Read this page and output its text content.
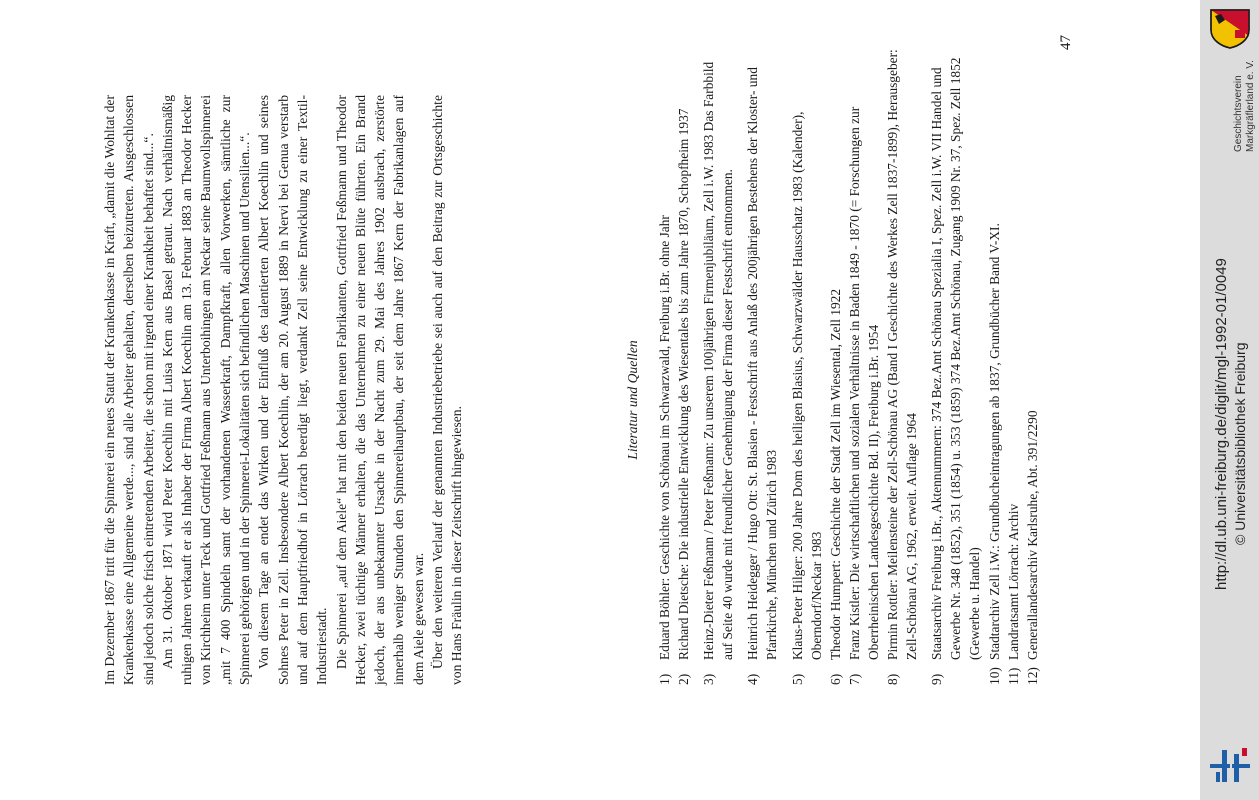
Im Dezember 1867 tritt für die Spinnerei ein neues Statut der Krankenkasse in Kraft, „damit die Wohltat der Krankenkasse eine Allgemeine werde..., sind alle Arbeiter gehalten, derselben beizutreten. Ausgeschlossen sind jedoch solche frisch eintretenden Arbeiter, die schon mit irgend einer Krankheit behaftet sind...“. Am 31. Oktober 1871 wird Peter Koechlin mit Luisa Kern aus Basel getraut. Nach verhältnismäßig ruhigen Jahren verkauft er als Inhaber der Firma Albert Koechlin am 13. Februar 1883 an Theodor Hecker von Kirchheim unter Teck und Gottfried Feßmann aus Unterboihingen am Neckar seine Baumwollspinnerei „mit 7 400 Spindeln samt der vorhandenen Wasserkraft, Dampfkraft, allen Vorwerken, sämtliche zur Spinnerei gehörigen und in der Spinnerei-Lokalitäten sich befindlichen Maschinen und Utensilien...“. Von diesem Tage an endet das Wirken und der Einfluß des talentierten Albert Koechlin und seines Sohnes Peter in Zell. Insbesondere Albert Koechlin, der am 20. August 1889 in Nervi bei Genua verstarb und auf dem Hauptfriedhof in Lörrach beerdigt liegt, verdankt Zell seine Entwicklung zu einer Textil-Industriestadt. Die Spinnerei „auf dem Aiele“ hat mit den beiden neuen Fabrikanten, Gottfried Feßmann und Theodor Hecker, zwei tüchtige Männer erhalten, die das Unternehmen zu einer neuen Blüte führten. Ein Brand jedoch, der aus unbekannter Ursache in der Nacht zum 29. Mai des Jahres 1902 ausbrach, zerstörte innerhalb weniger Stunden den Spinnereihauptbau, der seit dem Jahre 1867 Kern der Fabrikanlagen auf dem Aiele gewesen war. Über den weiteren Verlauf der genannten Industriebetriebe sei auch auf den Beitrag zur Ortsgeschichte von Hans Fräulin in dieser Zeitschrift hingewiesen.

Literatur und Quellen
1)
Eduard Böhler: Geschichte von Schönau im Schwarzwald, Freiburg i.Br. ohne Jahr
2)
Richard Dietsche: Die industrielle Entwicklung des Wiesentales bis zum Jahre 1870, Schopfheim 1937
3)
Heinz-Dieter Feßmann / Peter Feßmann: Zu unserem 100jährigen Firmenjubiläum, Zell i.W. 1983 Das Farbbild auf Seite 40 wurde mit freundlicher Genehmigung der Firma dieser Festschrift entnommen.
4)
Heinrich Heidegger / Hugo Ott: St. Blasien - Festschrift aus Anlaß des 200jährigen Bestehens der Kloster- und Pfarrkirche, München und Zürich 1983
5)
Klaus-Peter Hilger: 200 Jahre Dom des heiligen Blasius, Schwarzwälder Hausschatz 1983 (Kalender), Oberndorf/Neckar 1983
6)
Theodor Humpert: Geschichte der Stadt Zell im Wiesental, Zell 1922
7)
Franz Kistler: Die wirtschaftlichen und sozialen Verhältnisse in Baden 1849 - 1870 (= Forschungen zur Oberrheinischen Landesgeschichte Bd. II), Freiburg i.Br. 1954
8)
Pirmin Rottler: Meilensteine der Zell-Schönau AG (Band I Geschichte des Werkes Zell 1837-1899), Herausgeber: Zell-Schönau AG, 1962, erweit. Auflage 1964
9)
Staatsarchiv Freiburg i.Br., Aktennummern: 374 Bez.Amt Schönau Spezialia I, Spez. Zell i.W. VII Handel und Gewerbe Nr. 348 (1852), 351 (1854) u. 353 (1859) 374 Bez.Amt Schönau, Zugang 1909 Nr. 37, Spez. Zell 1852 (Gewerbe u. Handel)
10)
Stadtarchiv Zell i.W.: Grundbucheintragungen ab 1837, Grundbücher Band V-XI.
11)
Landratsamt Lörrach: Archiv
12)
Generallandesarchiv Karlsruhe, Abt. 391/2290
47
Geschichtsverein Markgräflerland e. V.
http://dl.ub.uni-freiburg.de/diglit/mgl-1992-01/0049 © Universitätsbibliothek Freiburg
